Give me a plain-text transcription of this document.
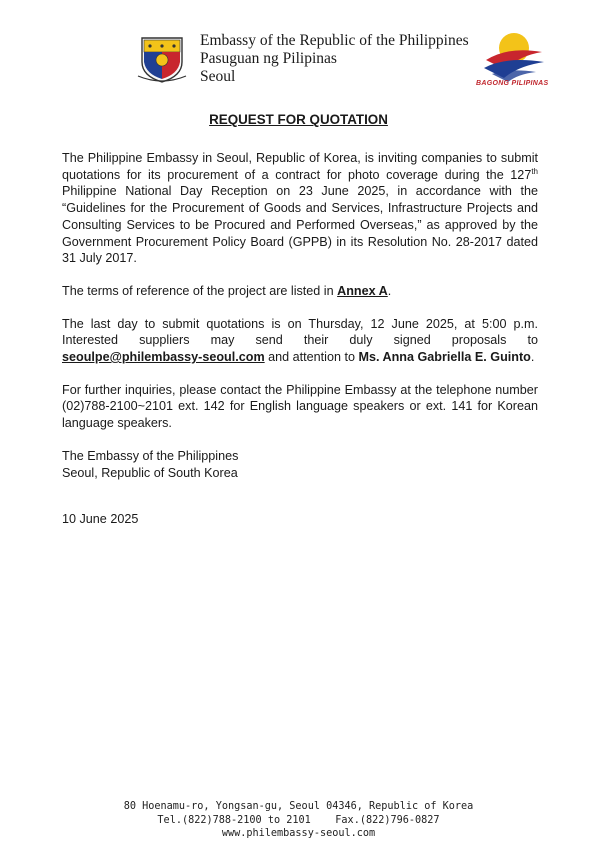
Embassy of the Republic of the Philippines
Pasuguan ng Pilipinas
Seoul	BAGONG PILIPINAS
REQUEST FOR QUOTATION

The Philippine Embassy in Seoul, Republic of Korea, is inviting companies to submit quotations for its procurement of a contract for photo coverage during the 127th Philippine National Day Reception on 23 June 2025, in accordance with the “Guidelines for the Procurement of Goods and Services, Infrastructure Projects and Consulting Services to be Procured and Performed Overseas,” as approved by the Government Procurement Policy Board (GPPB) in its Resolution No. 28-2017 dated 31 July 2017.

The terms of reference of the project are listed in Annex A.

The last day to submit quotations is on Thursday, 12 June 2025, at 5:00 p.m. Interested suppliers may send their duly signed proposals to seoulpe@philembassy-seoul.com and attention to Ms. Anna Gabriella E. Guinto.

For further inquiries, please contact the Philippine Embassy at the telephone number (02)788-2100~2101 ext. 142 for English language speakers or ext. 141 for Korean language speakers.

The Embassy of the Philippines
Seoul, Republic of South Korea
10 June 2025
80 Hoenamu-ro, Yongsan-gu, Seoul 04346, Republic of Korea
Tel.(822)788-2100 to 2101    Fax.(822)796-0827
www.philembassy-seoul.com
